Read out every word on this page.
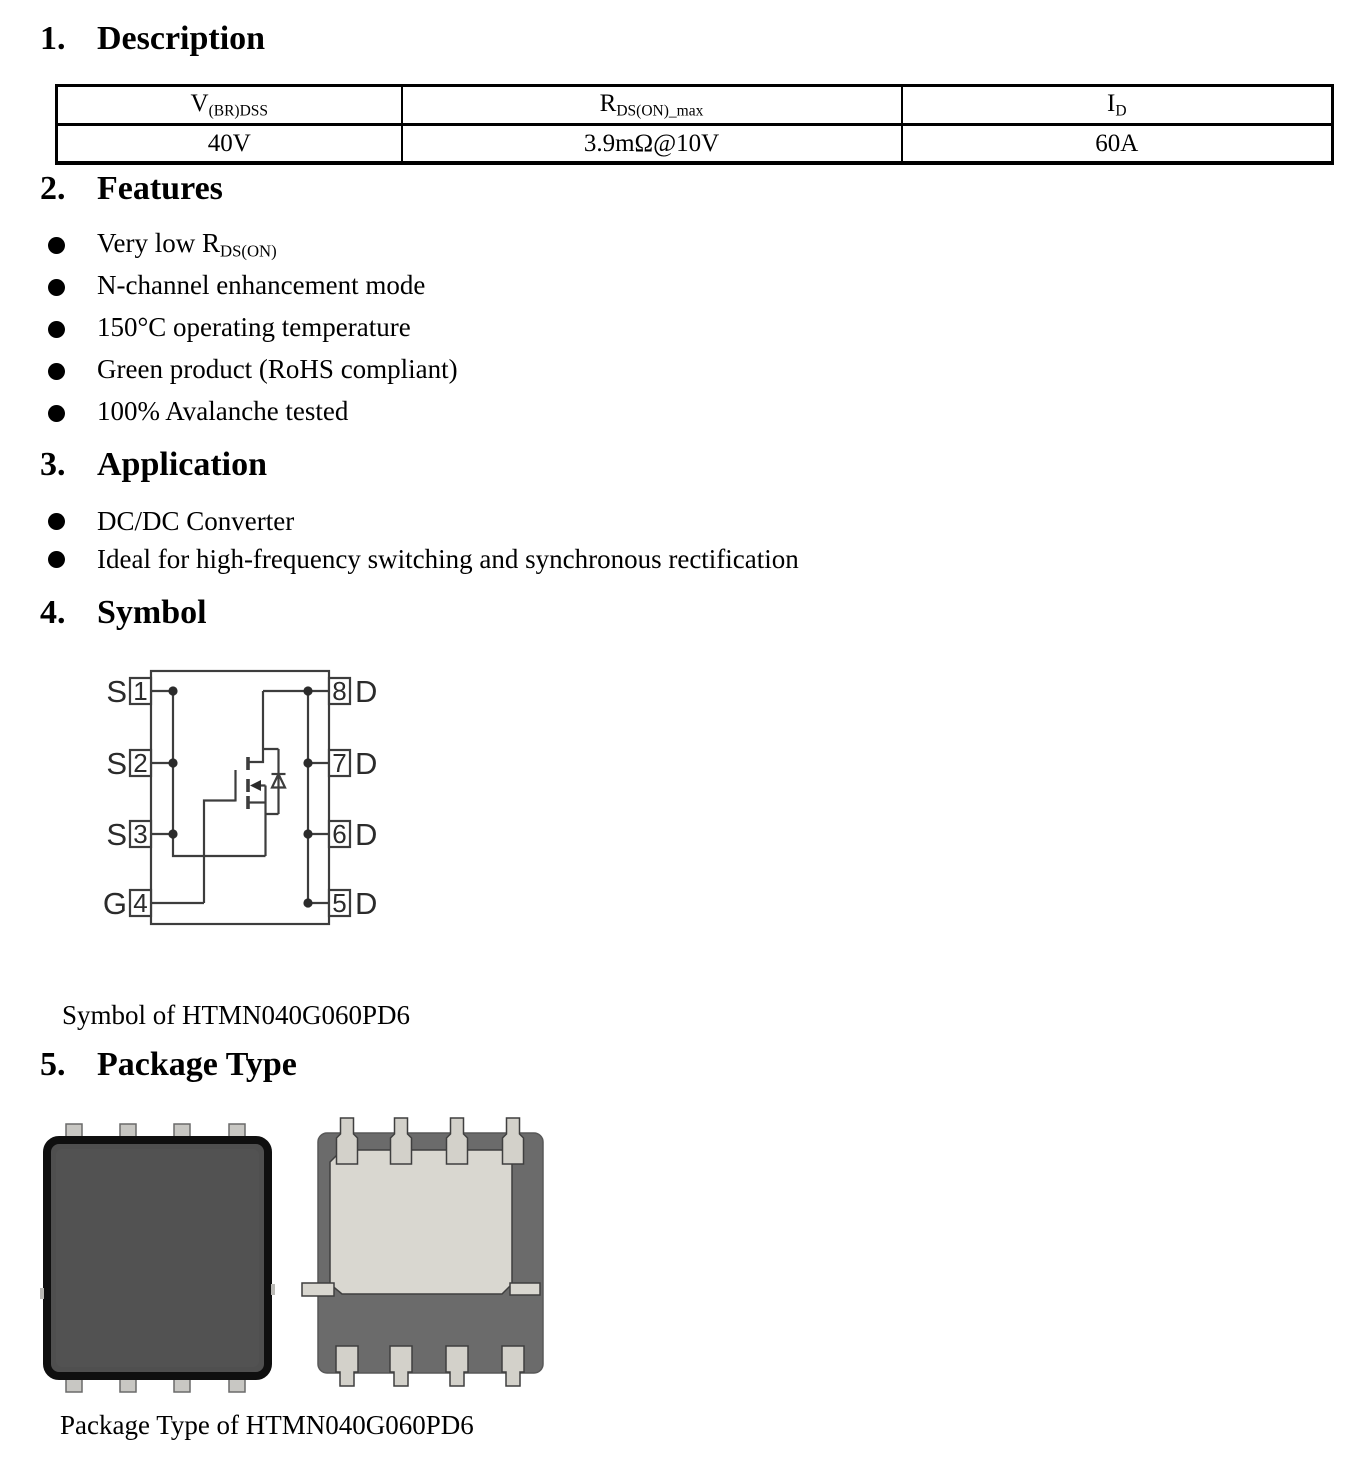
1. Description
$V_{(BR)DSS}$	$R_{DS(ON)\_max}$	$I_D$
40V	3.9mΩ@10V	60A
2. Features
Very low $R_{DS(ON)}$
N-channel enhancement mode
150°C operating temperature
Green product (RoHS compliant)
100% Avalanche tested
3. Application
DC/DC Converter
Ideal for high-frequency switching and synchronous rectification
4. Symbol
S
S
S
G
1
2
3
4
8
7
6
5
D
D
D
D
Symbol of HTMN040G060PD6
5. Package Type
Package Type of HTMN040G060PD6
